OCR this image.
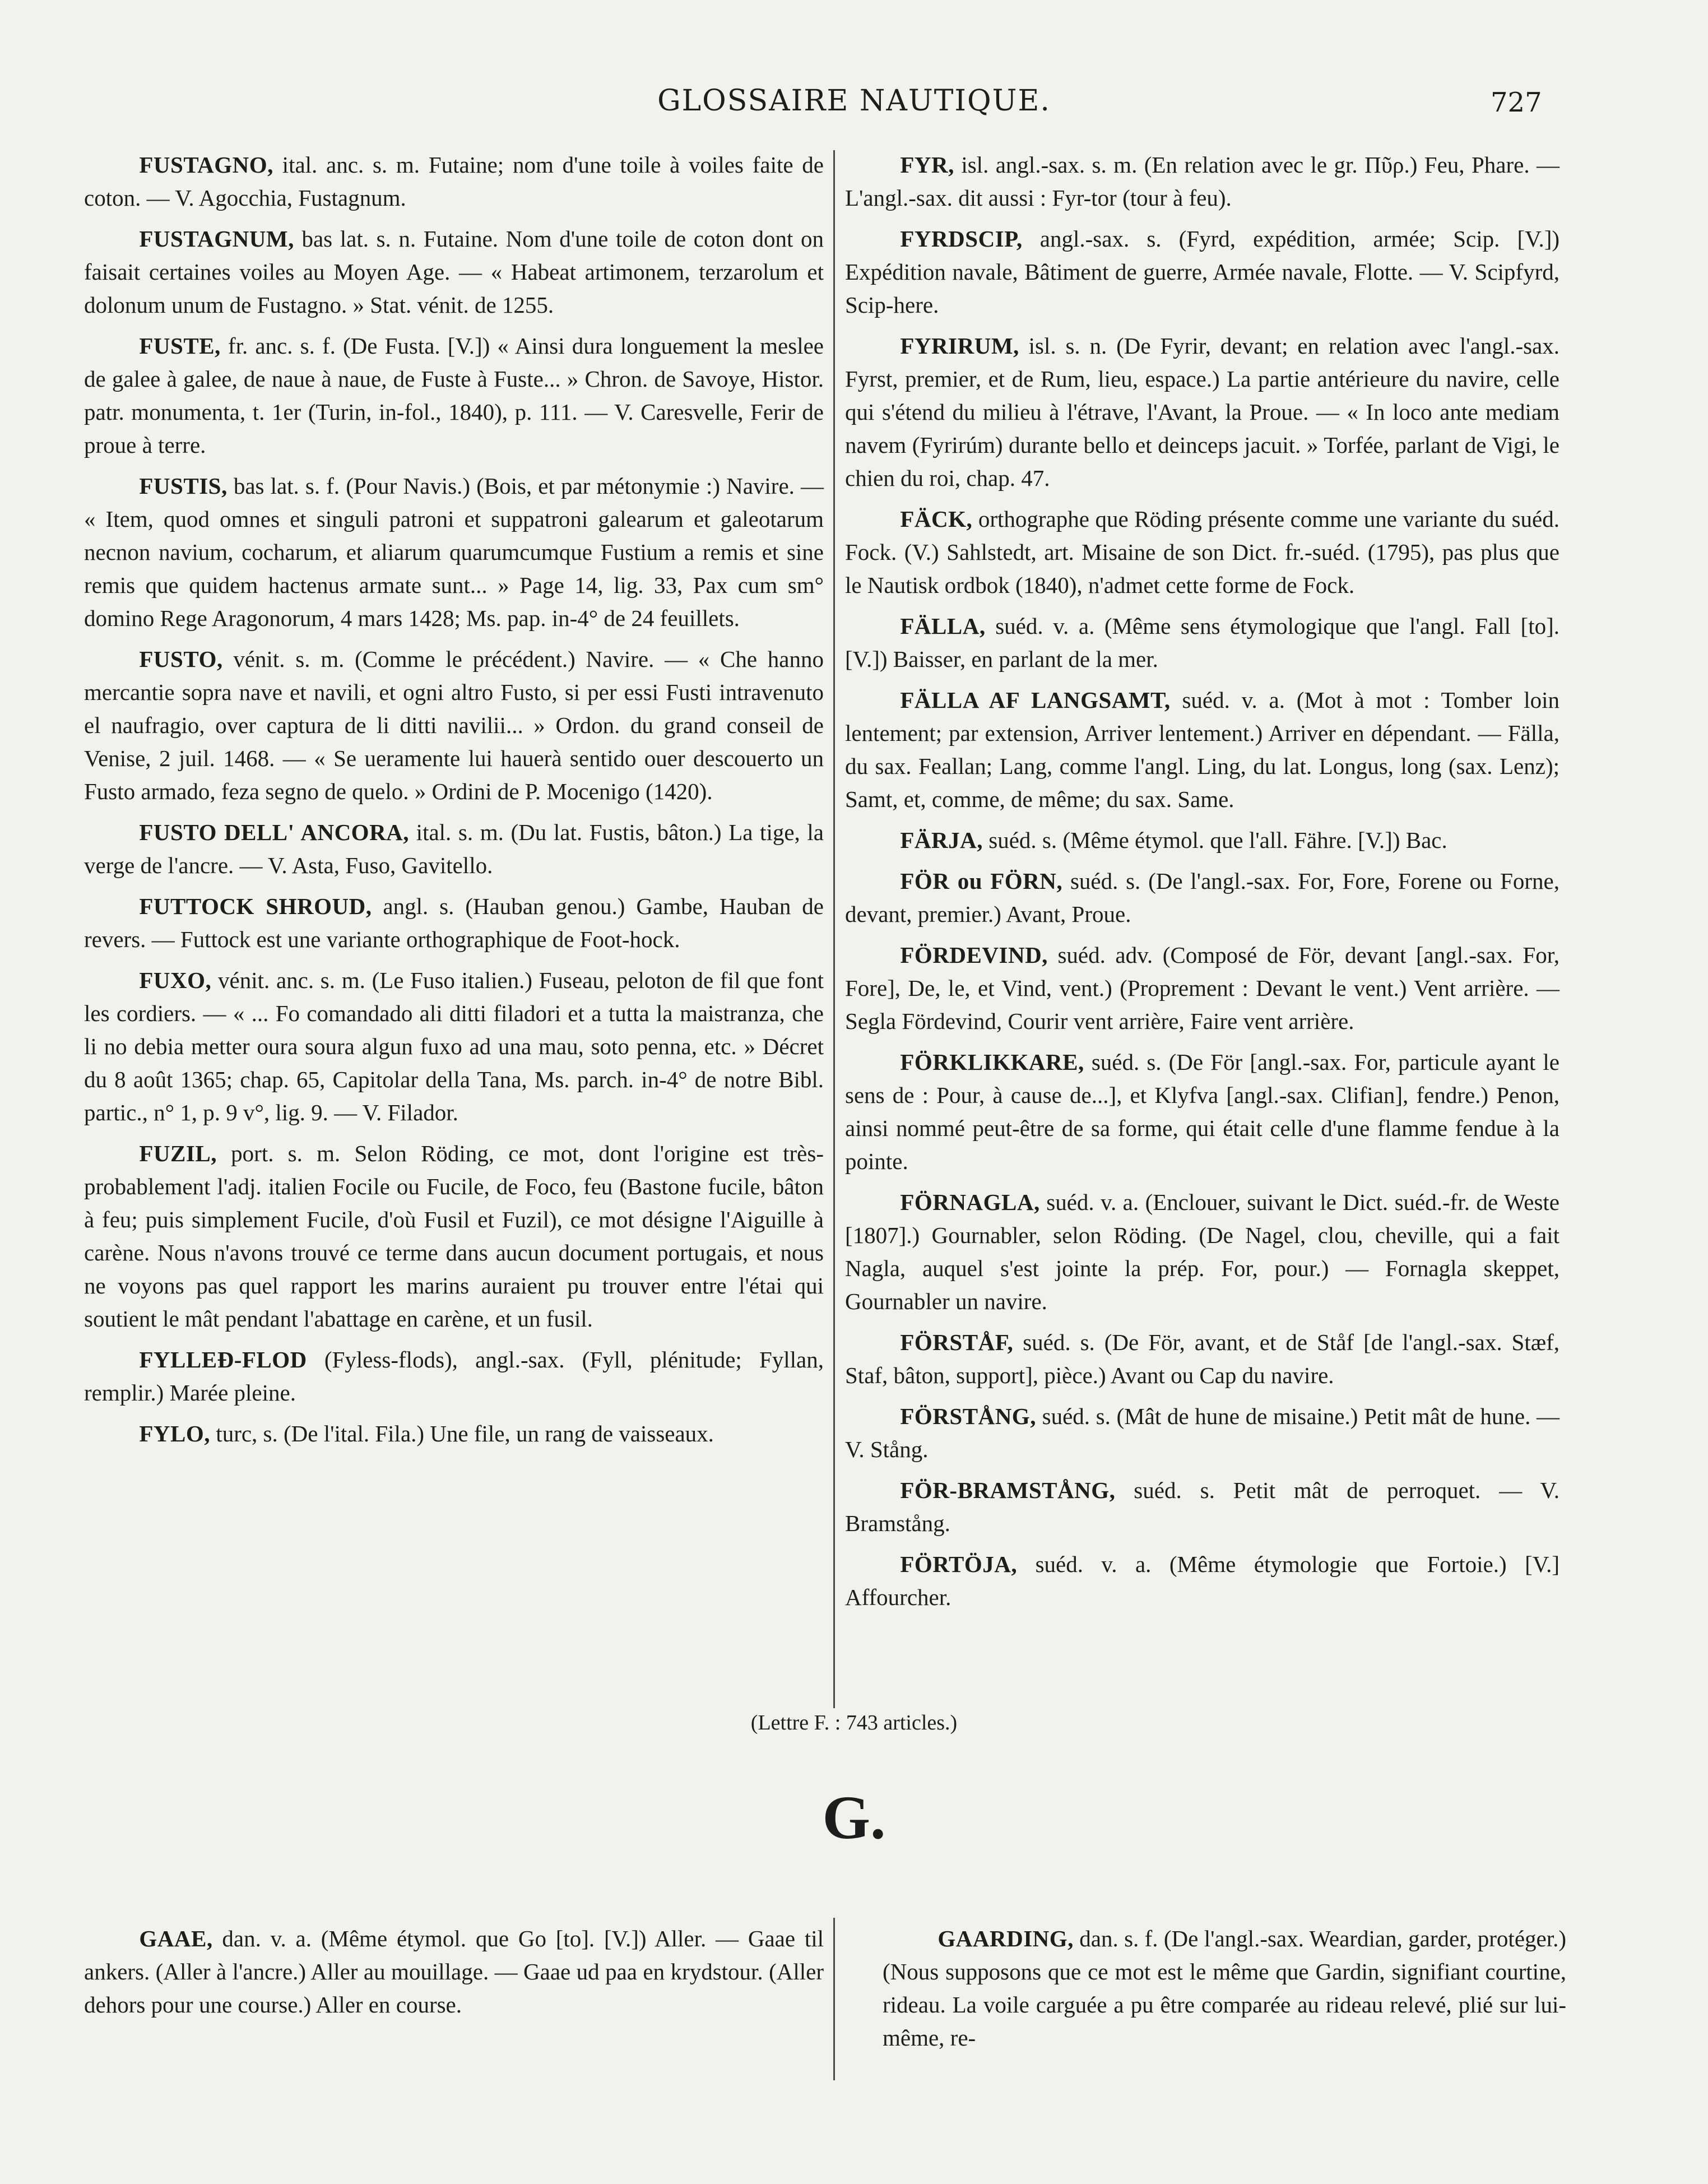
GLOSSAIRE NAUTIQUE.	727

FUSTAGNO, ital. anc. s. m. Futaine; nom d'une toile à voiles faite de coton. — V. Agocchia, Fustagnum.

FUSTAGNUM, bas lat. s. n. Futaine. Nom d'une toile de coton dont on faisait certaines voiles au Moyen Age. — « Habeat artimonem, terzarolum et dolonum unum de Fustagno. » Stat. vénit. de 1255.

FUSTE, fr. anc. s. f. (De Fusta. [V.]) « Ainsi dura longuement la meslee de galee à galee, de naue à naue, de Fuste à Fuste... » Chron. de Savoye, Histor. patr. monumenta, t. 1er (Turin, in-fol., 1840), p. 111. — V. Caresvelle, Ferir de proue à terre.

FUSTIS, bas lat. s. f. (Pour Navis.) (Bois, et par métonymie :) Navire. — « Item, quod omnes et singuli patroni et suppatroni galearum et galeotarum necnon navium, cocharum, et aliarum quarumcumque Fustium a remis et sine remis que quidem hactenus armate sunt... » Page 14, lig. 33, Pax cum sm° domino Rege Aragonorum, 4 mars 1428; Ms. pap. in-4° de 24 feuillets.

FUSTO, vénit. s. m. (Comme le précédent.) Navire. — « Che hanno mercantie sopra nave et navili, et ogni altro Fusto, si per essi Fusti intravenuto el naufragio, over captura de li ditti navilii... » Ordon. du grand conseil de Venise, 2 juil. 1468. — « Se ueramente lui hauerà sentido ouer descouerto un Fusto armado, feza segno de quelo. » Ordini de P. Mocenigo (1420).

FUSTO DELL' ANCORA, ital. s. m. (Du lat. Fustis, bâton.) La tige, la verge de l'ancre. — V. Asta, Fuso, Gavitello.

FUTTOCK SHROUD, angl. s. (Hauban genou.) Gambe, Hauban de revers. — Futtock est une variante orthographique de Foot-hock.

FUXO, vénit. anc. s. m. (Le Fuso italien.) Fuseau, peloton de fil que font les cordiers. — « ... Fo comandado ali ditti filadori et a tutta la maistranza, che li no debia metter oura soura algun fuxo ad una mau, soto penna, etc. » Décret du 8 août 1365; chap. 65, Capitolar della Tana, Ms. parch. in-4° de notre Bibl. partic., n° 1, p. 9 v°, lig. 9. — V. Filador.

FUZIL, port. s. m. Selon Röding, ce mot, dont l'origine est très-probablement l'adj. italien Focile ou Fucile, de Foco, feu (Bastone fucile, bâton à feu; puis simplement Fucile, d'où Fusil et Fuzil), ce mot désigne l'Aiguille à carène. Nous n'avons trouvé ce terme dans aucun document portugais, et nous ne voyons pas quel rapport les marins auraient pu trouver entre l'étai qui soutient le mât pendant l'abattage en carène, et un fusil.

FYLLEÐ-FLOD (Fyless-flods), angl.-sax. (Fyll, plénitude; Fyllan, remplir.) Marée pleine.

FYLO, turc, s. (De l'ital. Fila.) Une file, un rang de vaisseaux.

FYR, isl. angl.-sax. s. m. (En relation avec le gr. Πῦρ.) Feu, Phare. — L'angl.-sax. dit aussi : Fyr-tor (tour à feu).

FYRDSCIP, angl.-sax. s. (Fyrd, expédition, armée; Scip. [V.]) Expédition navale, Bâtiment de guerre, Armée navale, Flotte. — V. Scipfyrd, Scip-here.

FYRIRUM, isl. s. n. (De Fyrir, devant; en relation avec l'angl.-sax. Fyrst, premier, et de Rum, lieu, espace.) La partie antérieure du navire, celle qui s'étend du milieu à l'étrave, l'Avant, la Proue. — « In loco ante mediam navem (Fyrirúm) durante bello et deinceps jacuit. » Torfée, parlant de Vigi, le chien du roi, chap. 47.

FÄCK, orthographe que Röding présente comme une variante du suéd. Fock. (V.) Sahlstedt, art. Misaine de son Dict. fr.-suéd. (1795), pas plus que le Nautisk ordbok (1840), n'admet cette forme de Fock.

FÄLLA, suéd. v. a. (Même sens étymologique que l'angl. Fall [to]. [V.]) Baisser, en parlant de la mer.

FÄLLA AF LANGSAMT, suéd. v. a. (Mot à mot : Tomber loin lentement; par extension, Arriver lentement.) Arriver en dépendant. — Fälla, du sax. Feallan; Lang, comme l'angl. Ling, du lat. Longus, long (sax. Lenz); Samt, et, comme, de même; du sax. Same.

FÄRJA, suéd. s. (Même étymol. que l'all. Fähre. [V.]) Bac.

FÖR ou FÖRN, suéd. s. (De l'angl.-sax. For, Fore, Forene ou Forne, devant, premier.) Avant, Proue.

FÖRDEVIND, suéd. adv. (Composé de För, devant [angl.-sax. For, Fore], De, le, et Vind, vent.) (Proprement : Devant le vent.) Vent arrière. — Segla Fördevind, Courir vent arrière, Faire vent arrière.

FÖRKLIKKARE, suéd. s. (De För [angl.-sax. For, particule ayant le sens de : Pour, à cause de...], et Klyfva [angl.-sax. Clifian], fendre.) Penon, ainsi nommé peut-être de sa forme, qui était celle d'une flamme fendue à la pointe.

FÖRNAGLA, suéd. v. a. (Enclouer, suivant le Dict. suéd.-fr. de Weste [1807].) Gournabler, selon Röding. (De Nagel, clou, cheville, qui a fait Nagla, auquel s'est jointe la prép. For, pour.) — Fornagla skeppet, Gournabler un navire.

FÖRSTÅF, suéd. s. (De För, avant, et de Ståf [de l'angl.-sax. Stæf, Staf, bâton, support], pièce.) Avant ou Cap du navire.

FÖRSTÅNG, suéd. s. (Mât de hune de misaine.) Petit mât de hune. — V. Stång.

FÖR-BRAMSTÅNG, suéd. s. Petit mât de perroquet. — V. Bramstång.

FÖRTÖJA, suéd. v. a. (Même étymologie que Fortoie.) [V.] Affourcher.

(Lettre F. : 743 articles.)
G.

GAAE, dan. v. a. (Même étymol. que Go [to]. [V.]) Aller. — Gaae til ankers. (Aller à l'ancre.) Aller au mouillage. — Gaae ud paa en krydstour. (Aller dehors pour une course.) Aller en course.

GAARDING, dan. s. f. (De l'angl.-sax. Weardian, garder, protéger.) (Nous supposons que ce mot est le même que Gardin, signifiant courtine, rideau. La voile carguée a pu être comparée au rideau relevé, plié sur lui-même, re-
